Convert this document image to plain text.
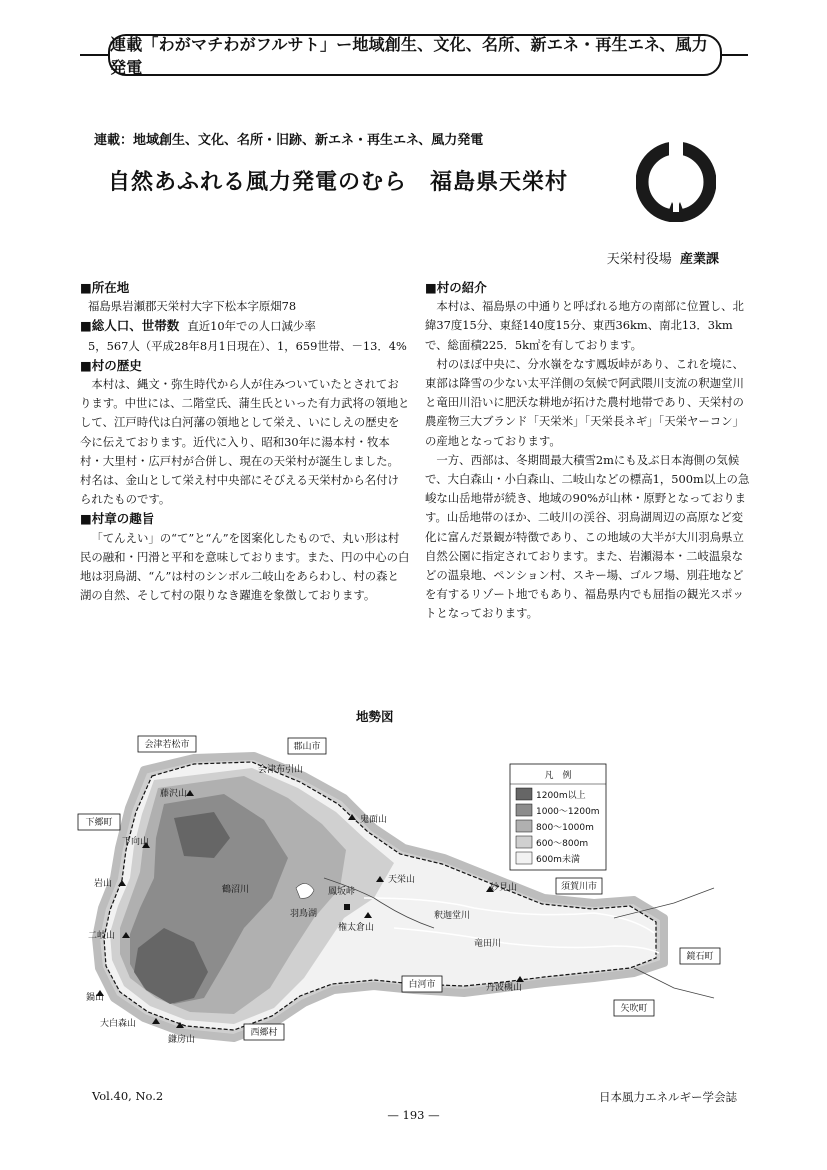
連載「わがマチわがフルサト」ー地域創生、文化、名所、新エネ・再生エネ、風力発電
連載：地域創生、文化、名所・旧跡、新エネ・再生エネ、風力発電
自然あふれる風力発電のむら　福島県天栄村
天栄村役場 産業課
■所在地

福島県岩瀬郡天栄村大字下松本字原畑78

■総人口、世帯数 直近10年での人口減少率

5，567人（平成28年8月1日現在）、1，659世帯、－13．4%

■村の歴史

本村は、縄文・弥生時代から人が住みついていたとされております。中世には、二階堂氏、蒲生氏といった有力武将の領地として、江戸時代は白河藩の領地として栄え、いにしえの歴史を今に伝えております。近代に入り、昭和30年に湯本村・牧本村・大里村・広戸村が合併し、現在の天栄村が誕生しました。村名は、金山として栄え村中央部にそびえる天栄村から名付けられたものです。

■村章の趣旨

「てんえい」の“て”と“ん”を図案化したもので、丸い形は村民の融和・円滑と平和を意味しております。また、円の中心の白地は羽鳥湖、“ん”は村のシンボル二岐山をあらわし、村の森と湖の自然、そして村の限りなき躍進を象徴しております。

■村の紹介

本村は、福島県の中通りと呼ばれる地方の南部に位置し、北緯37度15分、東経140度15分、東西36km、南北13．3kmで、総面積225．5k㎡を有しております。

村のほぼ中央に、分水嶺をなす鳳坂峠があり、これを境に、東部は降雪の少ない太平洋側の気候で阿武隈川支流の釈迦堂川と竜田川沿いに肥沃な耕地が拓けた農村地帯であり、天栄村の農産物三大ブランド「天栄米」「天栄長ネギ」「天栄ヤーコン」の産地となっております。

一方、西部は、冬期間最大積雪2mにも及ぶ日本海側の気候で、大白森山・小白森山、二岐山などの標高1，500m以上の急峻な山岳地帯が続き、地域の90%が山林・原野となっております。山岳地帯のほか、二岐川の渓谷、羽鳥湖周辺の高原など変化に富んだ景観が特徴であり、この地域の大半が大川羽鳥県立自然公園に指定されております。また、岩瀬湯本・二岐温泉などの温泉地、ペンション村、スキー場、ゴルフ場、別荘地などを有するリゾート地でもあり、福島県内でも屈指の観光スポットとなっております。

地勢図
会津若松市	郡山市
下郷町
須賀川市
鏡石町
矢吹町
白河市
西郷村
会津布引山
藤沢山
鬼面山
下向山
岩山
鶴沼川
羽鳥湖
鳳坂峠
天栄山
妙見山
権太倉山
釈迦堂川
二岐山
竜田川
鍋山
大白森山
鎌房山
丹波槻山
凡　例
1200m以上
1000～1200m
800～1000m
600～800m
600m未満
Vol.40, No.2	日本風力エネルギー学会誌
— 193 —
